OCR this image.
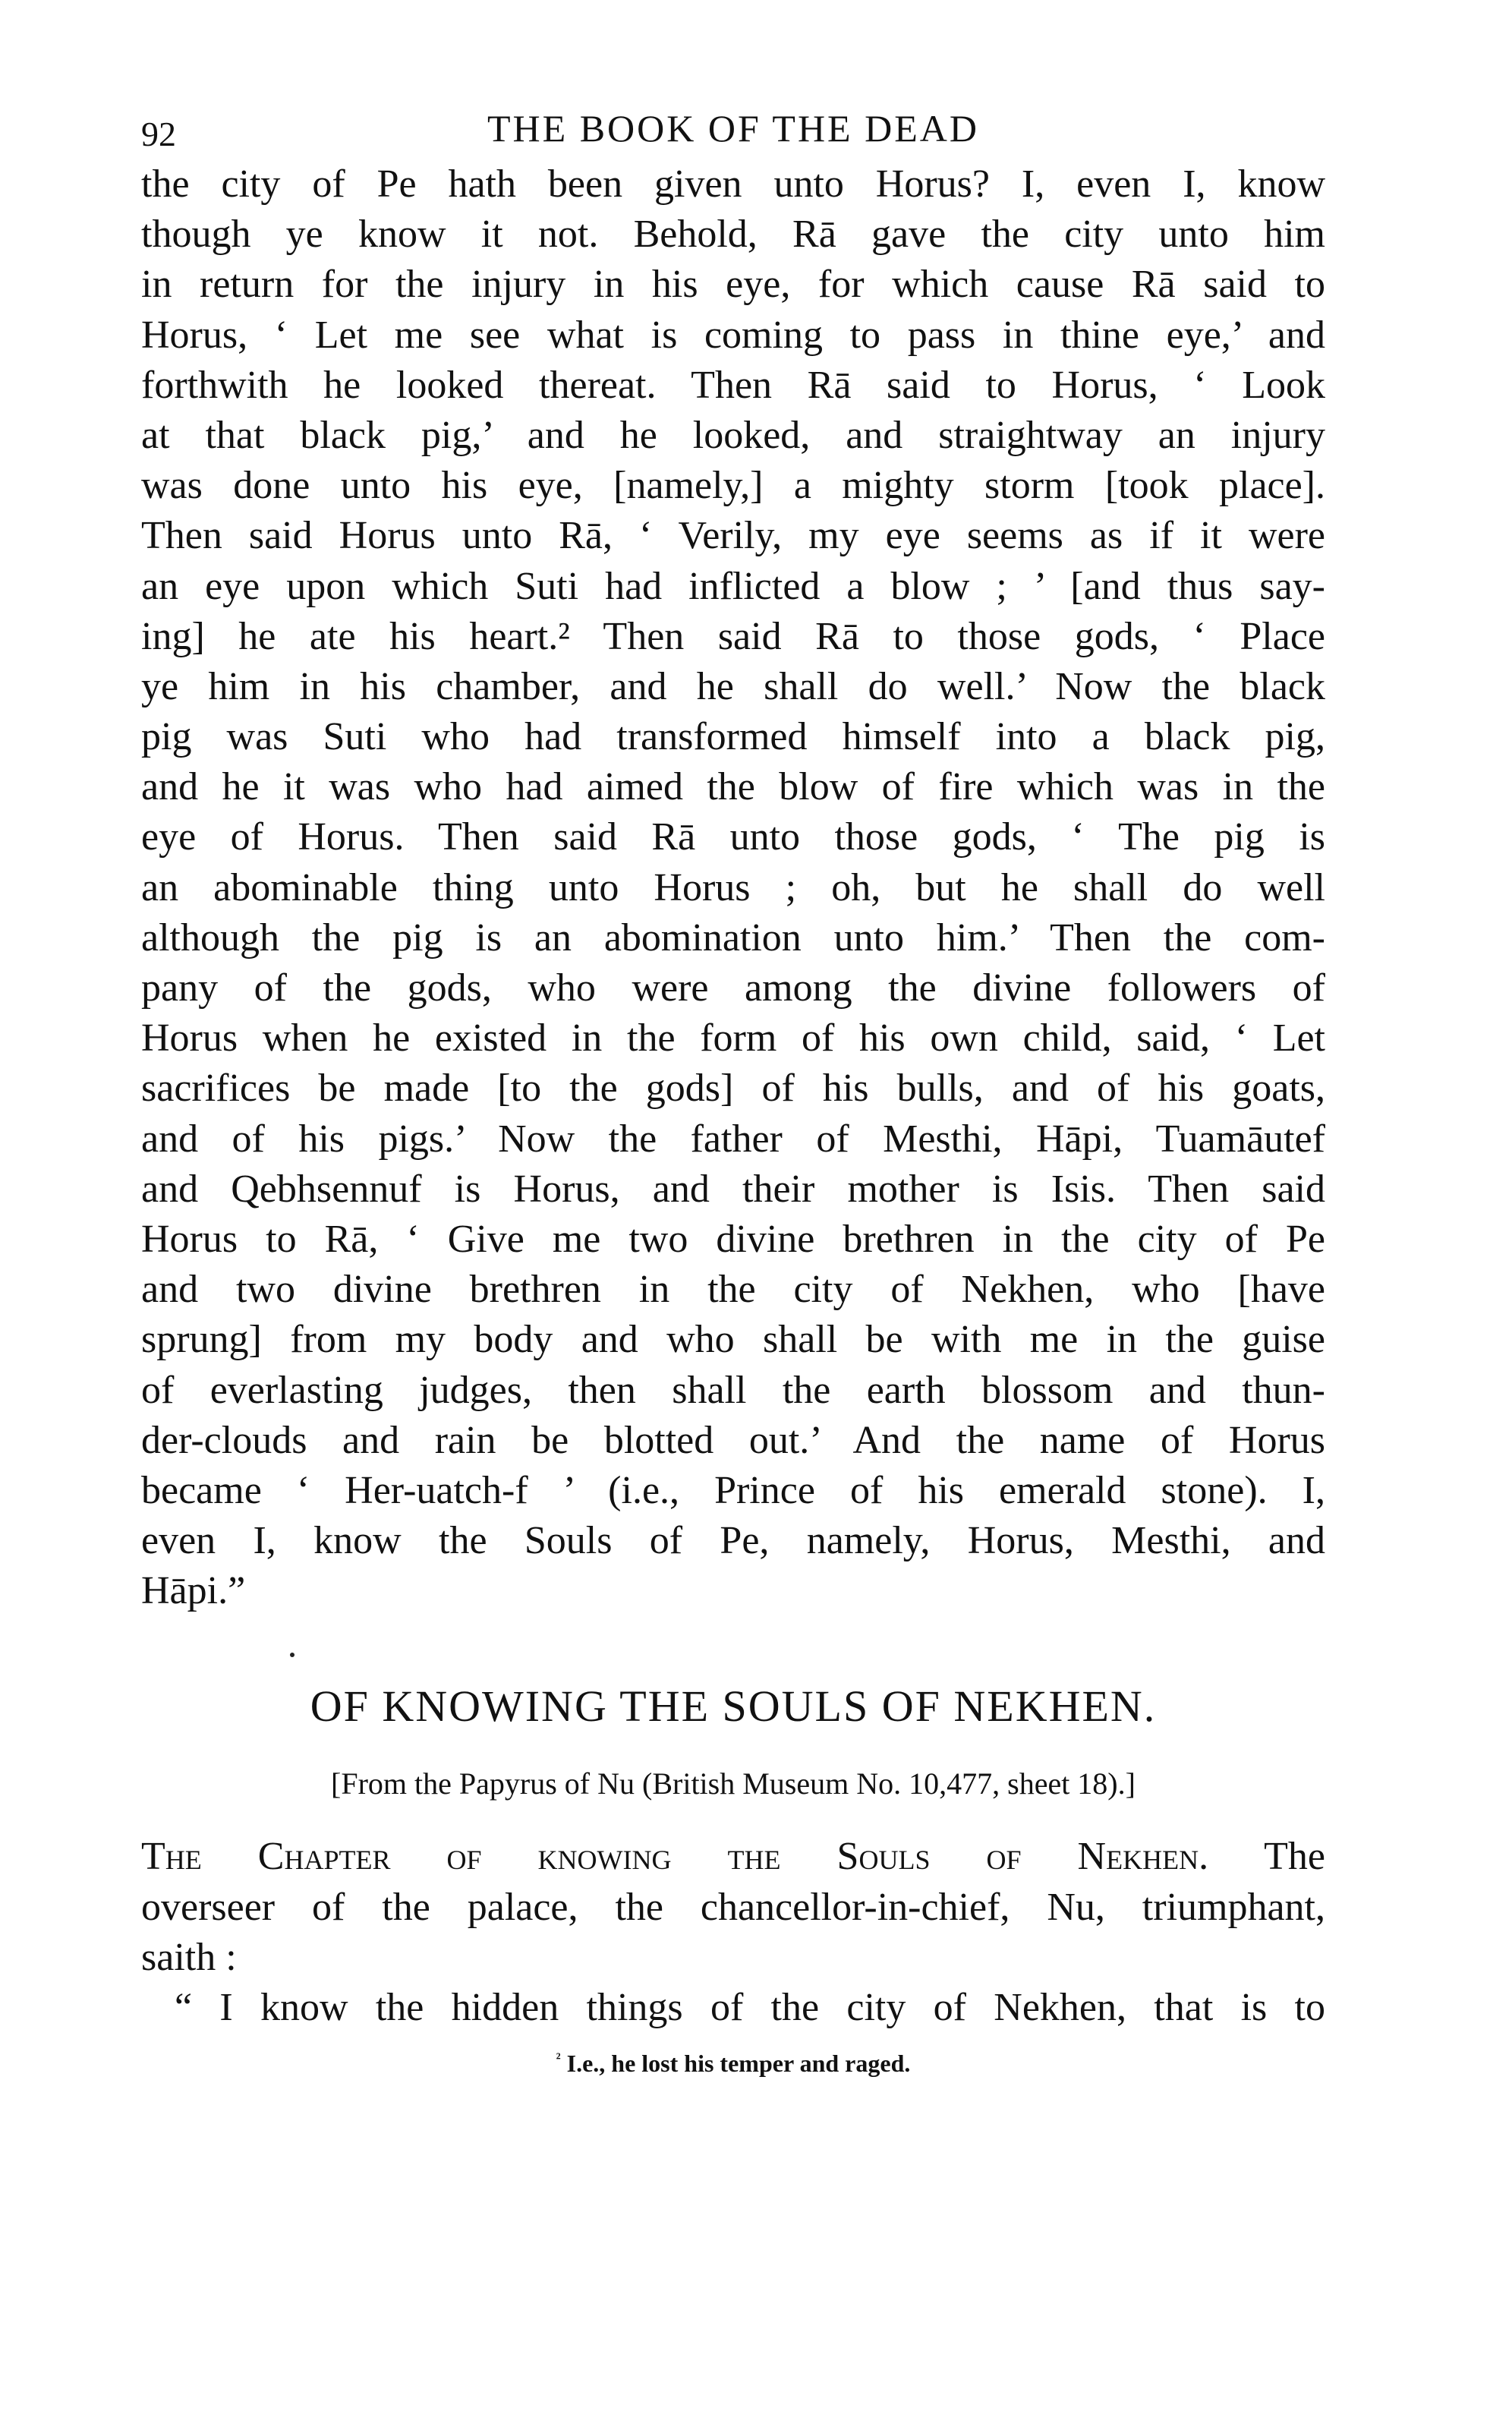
92	THE BOOK OF THE DEAD
the city of Pe hath been given unto Horus? I, even I, know
though ye know it not. Behold, Rā gave the city unto him
in return for the injury in his eye, for which cause Rā said to
Horus, ‘ Let me see what is coming to pass in thine eye,’ and
forthwith he looked thereat. Then Rā said to Horus, ‘ Look
at that black pig,’ and he looked, and straightway an injury
was done unto his eye, [namely,] a mighty storm [took place].
Then said Horus unto Rā, ‘ Verily, my eye seems as if it were
an eye upon which Suti had inflicted a blow ; ’ [and thus say-
ing] he ate his heart.² Then said Rā to those gods, ‘ Place
ye him in his chamber, and he shall do well.’ Now the black
pig was Suti who had transformed himself into a black pig,
and he it was who had aimed the blow of fire which was in the
eye of Horus. Then said Rā unto those gods, ‘ The pig is
an abominable thing unto Horus ; oh, but he shall do well
although the pig is an abomination unto him.’ Then the com-
pany of the gods, who were among the divine followers of
Horus when he existed in the form of his own child, said, ‘ Let
sacrifices be made [to the gods] of his bulls, and of his goats,
and of his pigs.’ Now the father of Mesthi, Hāpi, Tuamāutef
and Qebhsennuf is Horus, and their mother is Isis. Then said
Horus to Rā, ‘ Give me two divine brethren in the city of Pe
and two divine brethren in the city of Nekhen, who [have
sprung] from my body and who shall be with me in the guise
of everlasting judges, then shall the earth blossom and thun-
der-clouds and rain be blotted out.’ And the name of Horus
became ‘ Her-uatch-f ’ (i.e., Prince of his emerald stone). I,
even I, know the Souls of Pe, namely, Horus, Mesthi, and
Hāpi.”
OF KNOWING THE SOULS OF NEKHEN.
[From the Papyrus of Nu (British Museum No. 10,477, sheet 18).]
The Chapter of knowing the Souls of Nekhen. The
overseer of the palace, the chancellor-in-chief, Nu, triumphant,
saith :
“ I know the hidden things of the city of Nekhen, that is to
$^{^2}$ I.e., he lost his temper and raged.
